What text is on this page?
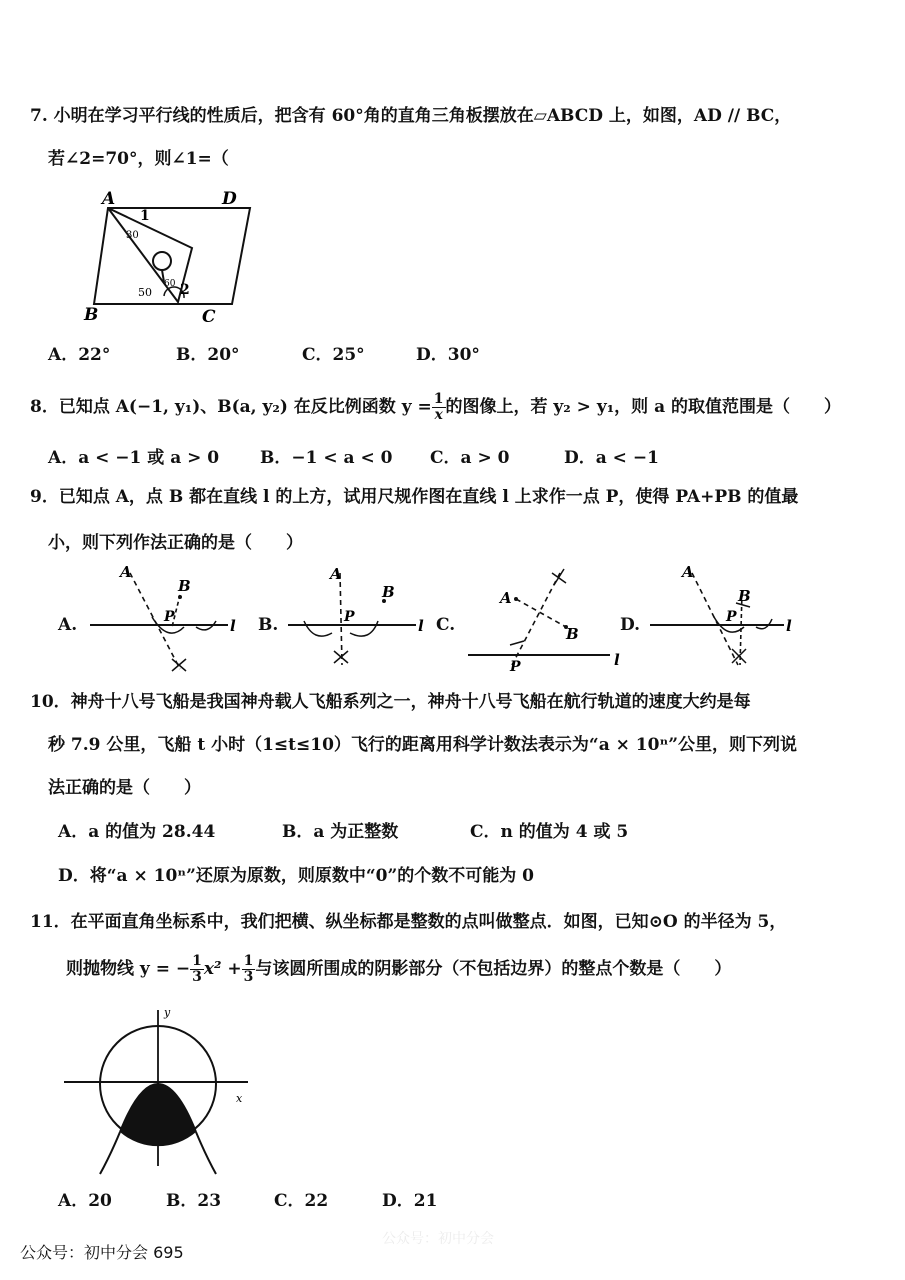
7. 小明在学习平行线的性质后，把含有 60°角的直角三角板摆放在▱ABCD 上，如图，AD // BC，
若∠2=70°，则∠1=（
A	D
B	C
1
2
30
60
50
A．22°	B．20°	C．25°	D．30°
8．已知点 A(−1, y₁)、B(a, y₂) 在反比例函数 $y = \frac{1}{x}$ 的图像上，若 y₂ > y₁，则 a 的取值范围是（　　）
A．a < −1 或 a > 0 B．−1 < a < 0 C．a > 0	D．a < −1
9．已知点 A，点 B 都在直线 l 的上方，试用尺规作图在直线 l 上求作一点 P，使得 PA+PB 的值最
小，则下列作法正确的是（　　）
A.
A
B
P	l B.
A
B
P	l C.
A
B
P	l
D.
A
B
P	l
10．神舟十八号飞船是我国神舟载人飞船系列之一，神舟十八号飞船在航行轨道的速度大约是每
秒 7.9 公里，飞船 t 小时（1≤t≤10）飞行的距离用科学计数法表示为“a × 10ⁿ”公里，则下列说
法正确的是（　　）
A．a 的值为 28.44	B．a 为正整数	C．n 的值为 4 或 5
D．将“a × 10ⁿ”还原为原数，则原数中“0”的个数不可能为 0
11．在平面直角坐标系中，我们把横、纵坐标都是整数的点叫做整点．如图，已知⊙O 的半径为 5，
则抛物线 y = − $\frac{1}{3} x^2 + \frac{1}{3}$ 与该圆所围成的阴影部分（不包括边界）的整点个数是（　　）
y
x
A．20	B．23	C．22	D．21
公众号：初中分会
公众号：初中分会 695
